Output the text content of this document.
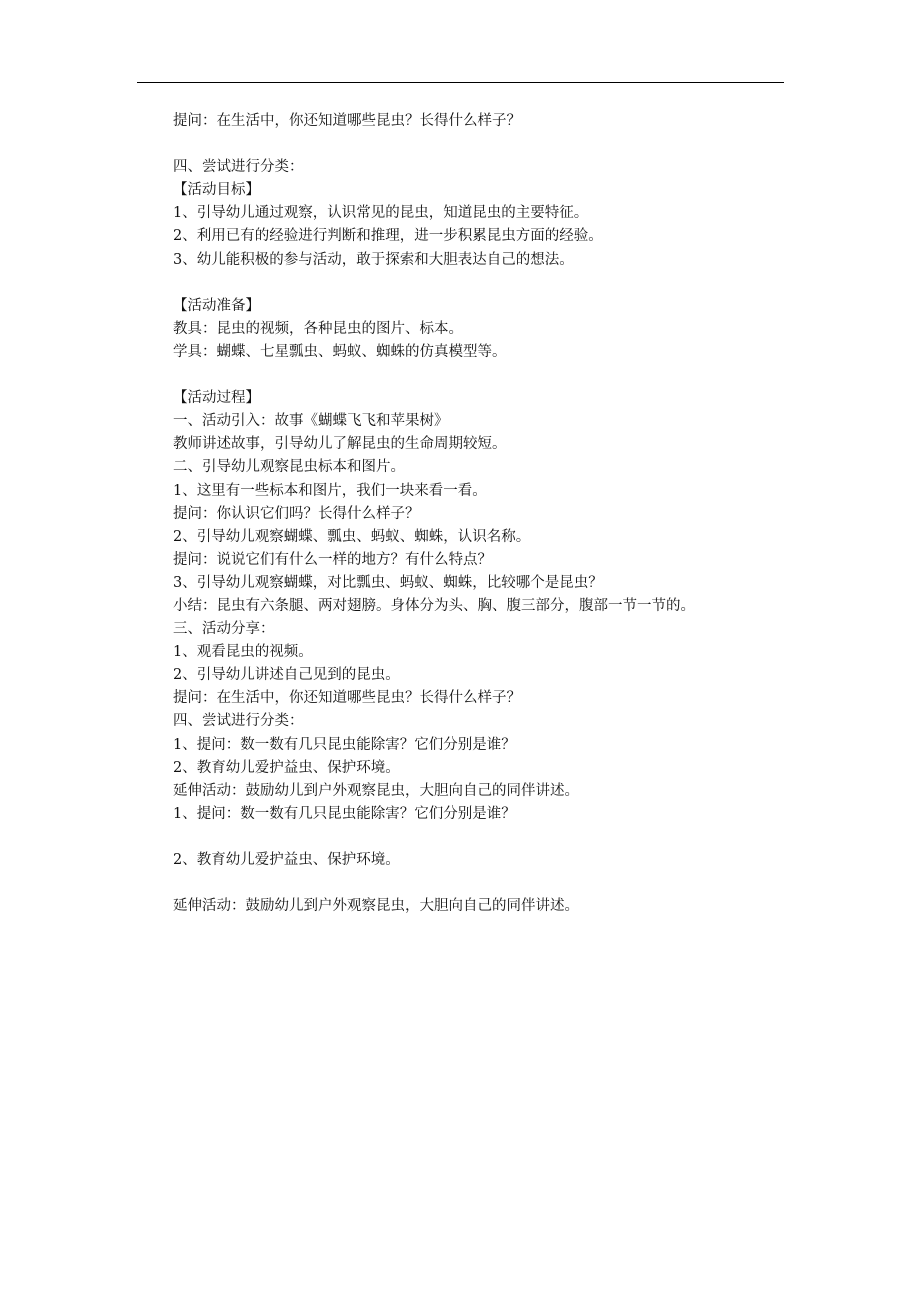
提问：在生活中，你还知道哪些昆虫？长得什么样子？
四、尝试进行分类：
【活动目标】
1、引导幼儿通过观察，认识常见的昆虫，知道昆虫的主要特征。
2、利用已有的经验进行判断和推理，进一步积累昆虫方面的经验。
3、幼儿能积极的参与活动，敢于探索和大胆表达自己的想法。
【活动准备】
教具：昆虫的视频，各种昆虫的图片、标本。
学具：蝴蝶、七星瓢虫、蚂蚁、蜘蛛的仿真模型等。
【活动过程】
一、活动引入：故事《蝴蝶飞飞和苹果树》
教师讲述故事，引导幼儿了解昆虫的生命周期较短。
二、引导幼儿观察昆虫标本和图片。
1、这里有一些标本和图片，我们一块来看一看。
提问：你认识它们吗？长得什么样子？
2、引导幼儿观察蝴蝶、瓢虫、蚂蚁、蜘蛛，认识名称。
提问：说说它们有什么一样的地方？有什么特点？
3、引导幼儿观察蝴蝶，对比瓢虫、蚂蚁、蜘蛛，比较哪个是昆虫？
小结：昆虫有六条腿、两对翅膀。身体分为头、胸、腹三部分，腹部一节一节的。
三、活动分享：
1、观看昆虫的视频。
2、引导幼儿讲述自己见到的昆虫。
提问：在生活中，你还知道哪些昆虫？长得什么样子？
四、尝试进行分类：
1、提问：数一数有几只昆虫能除害？它们分别是谁？
2、教育幼儿爱护益虫、保护环境。
延伸活动：鼓励幼儿到户外观察昆虫，大胆向自己的同伴讲述。
1、提问：数一数有几只昆虫能除害？它们分别是谁？
2、教育幼儿爱护益虫、保护环境。
延伸活动：鼓励幼儿到户外观察昆虫，大胆向自己的同伴讲述。
